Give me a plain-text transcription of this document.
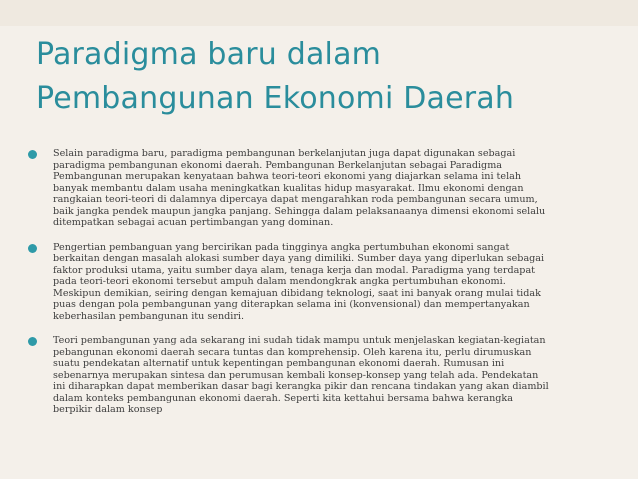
Paradigma baru dalam
Pembangunan Ekonomi Daerah
Selain paradigma baru, paradigma pembangunan berkelanjutan juga dapat digunakan sebagai
paradigma pembangunan ekonomi daerah. Pembangunan Berkelanjutan sebagai Paradigma
Pembangunan merupakan kenyataan bahwa teori-teori ekonomi yang diajarkan selama ini telah
banyak membantu dalam usaha meningkatkan kualitas hidup masyarakat. Ilmu ekonomi dengan
rangkaian teori-teori di dalamnya dipercaya dapat mengarahkan roda pembangunan secara umum,
baik jangka pendek maupun jangka panjang. Sehingga dalam pelaksanaanya dimensi ekonomi selalu
ditempatkan sebagai acuan pertimbangan yang dominan.
Pengertian pembanguan yang bercirikan pada tingginya angka pertumbuhan ekonomi sangat
berkaitan dengan masalah alokasi sumber daya yang dimiliki. Sumber daya yang diperlukan sebagai
faktor produksi utama, yaitu sumber daya alam, tenaga kerja dan modal. Paradigma yang terdapat
pada teori-teori ekonomi tersebut ampuh dalam mendongkrak angka pertumbuhan ekonomi.
Meskipun demikian, seiring dengan kemajuan dibidang teknologi, saat ini banyak orang mulai tidak
puas dengan pola pembangunan yang diterapkan selama ini (konvensional) dan mempertanyakan
keberhasilan pembangunan itu sendiri.
Teori pembangunan yang ada sekarang ini sudah tidak mampu untuk menjelaskan kegiatan-kegiatan
pebangunan ekonomi daerah secara tuntas dan komprehensip. Oleh karena itu, perlu dirumuskan
suatu pendekatan alternatif untuk kepentingan pembangunan ekonomi daerah. Rumusan ini
sebenarnya merupakan sintesa dan perumusan kembali konsep-konsep yang telah ada. Pendekatan
ini diharapkan dapat memberikan dasar bagi kerangka pikir dan rencana tindakan yang akan diambil
dalam konteks pembangunan ekonomi daerah. Seperti kita kettahui bersama bahwa kerangka
berpikir dalam konsep
